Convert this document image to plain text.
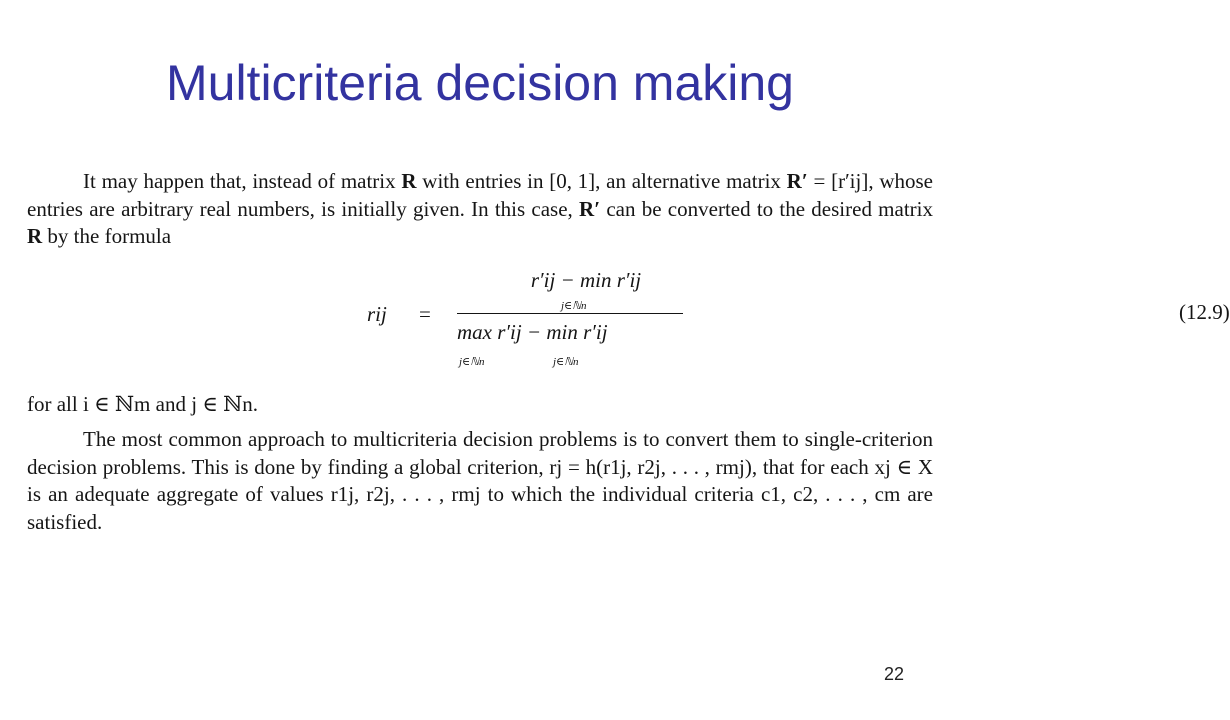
Multicriteria decision making

It may happen that, instead of matrix R with entries in [0, 1], an alternative matrix R′ = [r′ij], whose entries are arbitrary real numbers, is initially given. In this case, R′ can be converted to the desired matrix R by the formula

rij =
r′ij − min r′ij
j∈ℕn
max r′ij − min r′ij
j∈ℕn	j∈ℕn
(12.9)

for all i ∈ ℕm and j ∈ ℕn.

The most common approach to multicriteria decision problems is to convert them to single-criterion decision problems. This is done by finding a global criterion, rj = h(r1j, r2j, . . . , rmj), that for each xj ∈ X is an adequate aggregate of values r1j, r2j, . . . , rmj to which the individual criteria c1, c2, . . . , cm are satisfied.

22
